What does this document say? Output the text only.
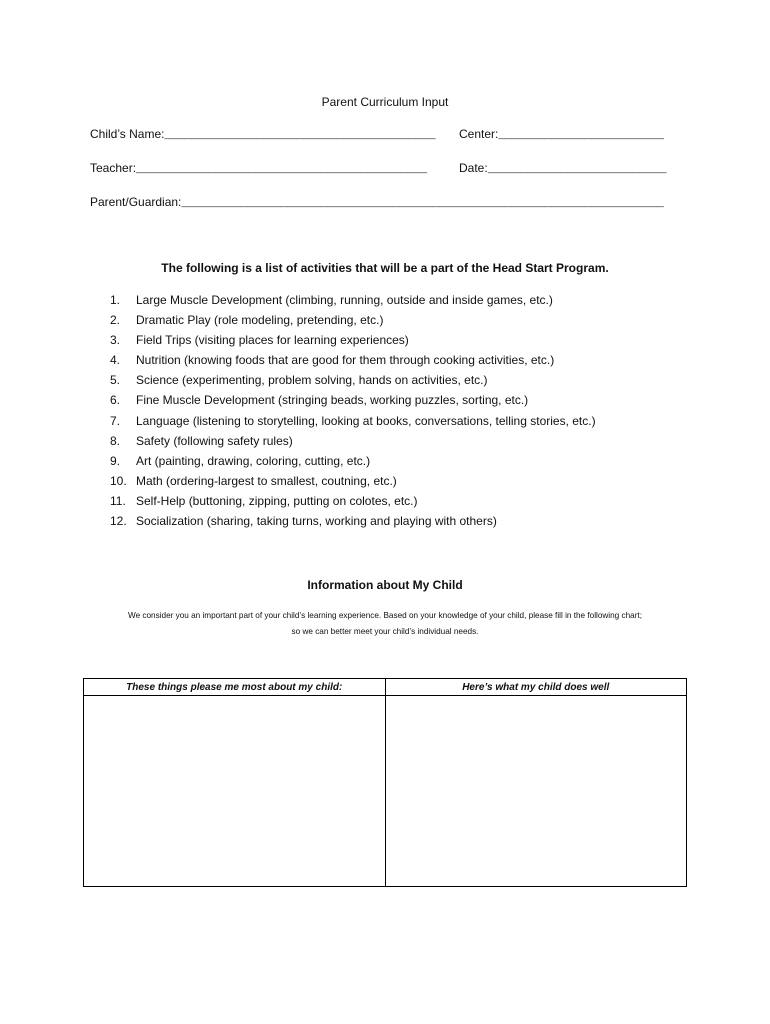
Parent Curriculum Input
Child’s Name:_________________________________________ Center:_________________________
Teacher:____________________________________________	Date:___________________________
Parent/Guardian:_________________________________________________________________________
The following is a list of activities that will be a part of the Head Start Program.
1. Large Muscle Development (climbing, running, outside and inside games, etc.)
2. Dramatic Play (role modeling, pretending, etc.)
3. Field Trips (visiting places for learning experiences)
4. Nutrition (knowing foods that are good for them through cooking activities, etc.)
5. Science (experimenting, problem solving, hands on activities, etc.)
6. Fine Muscle Development (stringing beads, working puzzles, sorting, etc.)
7. Language (listening to storytelling, looking at books, conversations, telling stories, etc.)
8. Safety (following safety rules)
9. Art (painting, drawing, coloring, cutting, etc.)
10. Math (ordering-largest to smallest, coutning, etc.)
11. Self-Help (buttoning, zipping, putting on colotes, etc.)
12. Socialization (sharing, taking turns, working and playing with others)
Information about My Child
We consider you an important part of your child’s learning experience. Based on your knowledge of your child, please fill in the following chart;
so we can better meet your child’s individual needs.
These things please me most about my child:	Here’s what my child does well
